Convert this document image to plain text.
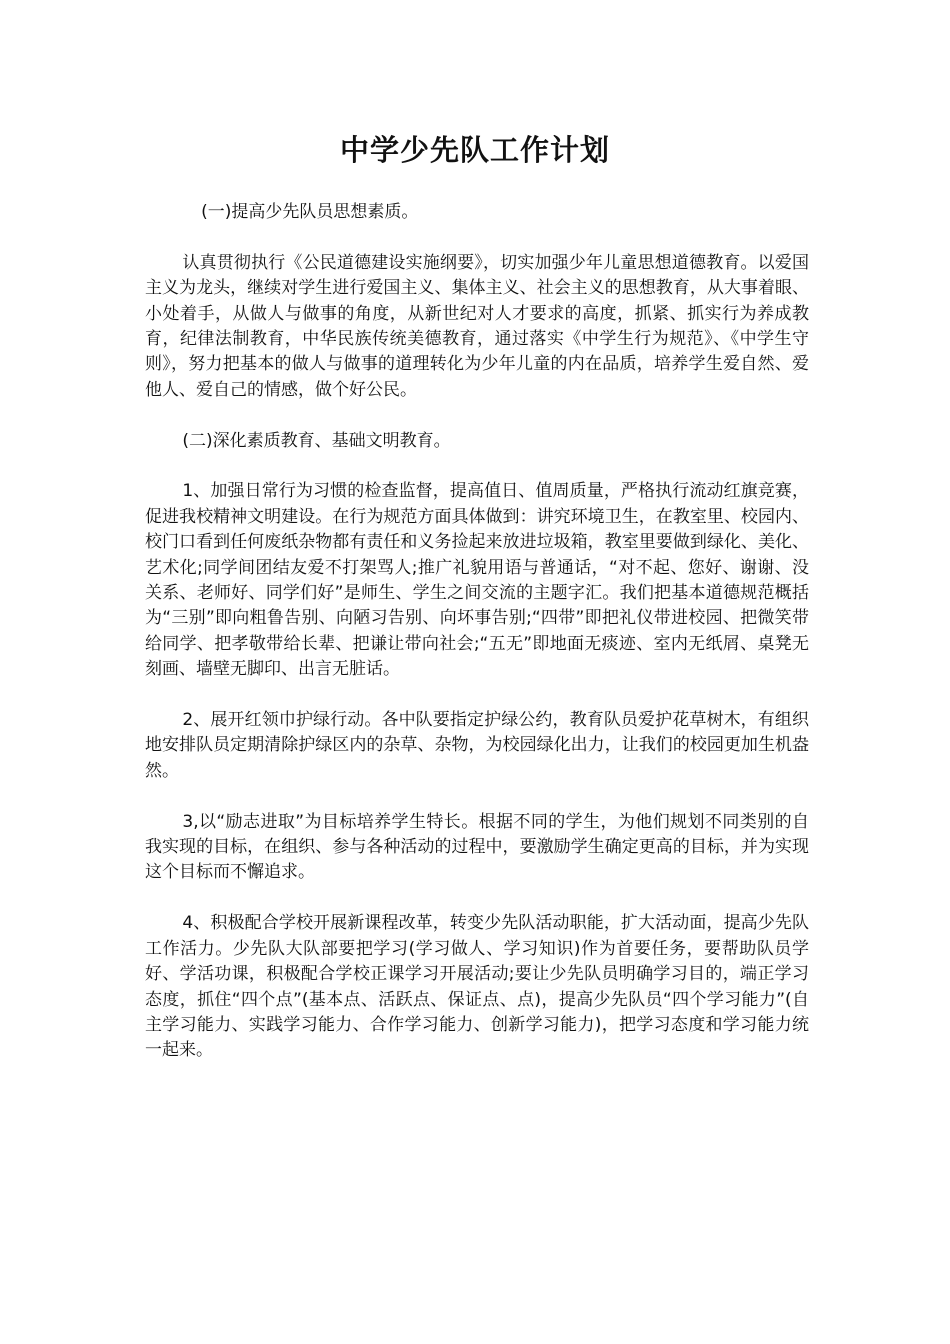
中学少先队工作计划

(一)提高少先队员思想素质。

认真贯彻执行《公民道德建设实施纲要》，切实加强少年儿童思想道德教育。以爱国主义为龙头，继续对学生进行爱国主义、集体主义、社会主义的思想教育，从大事着眼、小处着手，从做人与做事的角度，从新世纪对人才要求的高度，抓紧、抓实行为养成教育，纪律法制教育，中华民族传统美德教育，通过落实《中学生行为规范》、《中学生守则》，努力把基本的做人与做事的道理转化为少年儿童的内在品质，培养学生爱自然、爱他人、爱自己的情感，做个好公民。

(二)深化素质教育、基础文明教育。

1、加强日常行为习惯的检查监督，提高值日、值周质量，严格执行流动红旗竞赛，促进我校精神文明建设。在行为规范方面具体做到：讲究环境卫生，在教室里、校园内、校门口看到任何废纸杂物都有责任和义务捡起来放进垃圾箱，教室里要做到绿化、美化、艺术化;同学间团结友爱不打架骂人;推广礼貌用语与普通话，“对不起、您好、谢谢、没关系、老师好、同学们好”是师生、学生之间交流的主题字汇。我们把基本道德规范概括为“三别”即向粗鲁告别、向陋习告别、向坏事告别;“四带”即把礼仪带进校园、把微笑带给同学、把孝敬带给长辈、把谦让带向社会;“五无”即地面无痰迹、室内无纸屑、桌凳无刻画、墙壁无脚印、出言无脏话。

2、展开红领巾护绿行动。各中队要指定护绿公约，教育队员爱护花草树木，有组织地安排队员定期清除护绿区内的杂草、杂物，为校园绿化出力，让我们的校园更加生机盎然。

3,以“励志进取”为目标培养学生特长。根据不同的学生，为他们规划不同类别的自我实现的目标，在组织、参与各种活动的过程中，要激励学生确定更高的目标，并为实现这个目标而不懈追求。

4、积极配合学校开展新课程改革，转变少先队活动职能，扩大活动面，提高少先队工作活力。少先队大队部要把学习(学习做人、学习知识)作为首要任务，要帮助队员学好、学活功课，积极配合学校正课学习开展活动;要让少先队员明确学习目的，端正学习态度，抓住“四个点”(基本点、活跃点、保证点、点)，提高少先队员“四个学习能力”(自主学习能力、实践学习能力、合作学习能力、创新学习能力)，把学习态度和学习能力统一起来。
